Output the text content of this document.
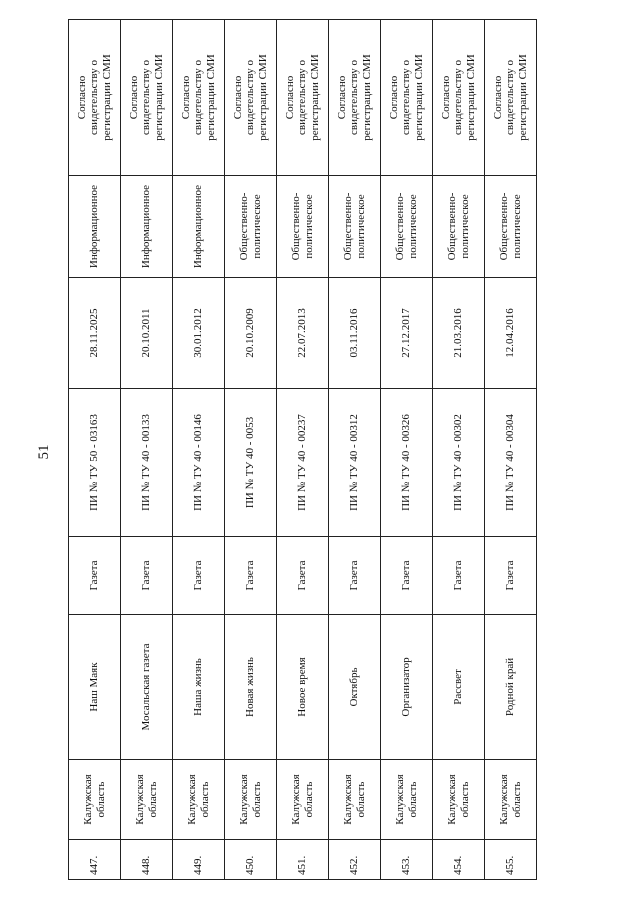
51
447.	Калужская
область	Наш Маяк	Газета	ПИ № ТУ 50 - 03163	28.11.2025	Информационное	Согласно
свидетельству о
регистрации СМИ
448.	Калужская
область	Мосальская газета	Газета	ПИ № ТУ 40 - 00133	20.10.2011	Информационное	Согласно
свидетельству о
регистрации СМИ
449.	Калужская
область	Наша жизнь	Газета	ПИ № ТУ 40 - 00146	30.01.2012	Информационное	Согласно
свидетельству о
регистрации СМИ
450.	Калужская
область	Новая жизнь	Газета	ПИ № ТУ 40 - 0053	20.10.2009	Общественно-
политическое	Согласно
свидетельству о
регистрации СМИ
451.	Калужская
область	Новое время	Газета	ПИ № ТУ 40 - 00237	22.07.2013	Общественно-
политическое	Согласно
свидетельству о
регистрации СМИ
452.	Калужская
область	Октябрь	Газета	ПИ № ТУ 40 - 00312	03.11.2016	Общественно-
политическое	Согласно
свидетельству о
регистрации СМИ
453.	Калужская
область	Организатор	Газета	ПИ № ТУ 40 - 00326	27.12.2017	Общественно-
политическое	Согласно
свидетельству о
регистрации СМИ
454.	Калужская
область	Рассвет	Газета	ПИ № ТУ 40 - 00302	21.03.2016	Общественно-
политическое	Согласно
свидетельству о
регистрации СМИ
455.	Калужская
область	Родной край	Газета	ПИ № ТУ 40 - 00304	12.04.2016	Общественно-
политическое	Согласно
свидетельству о
регистрации СМИ
